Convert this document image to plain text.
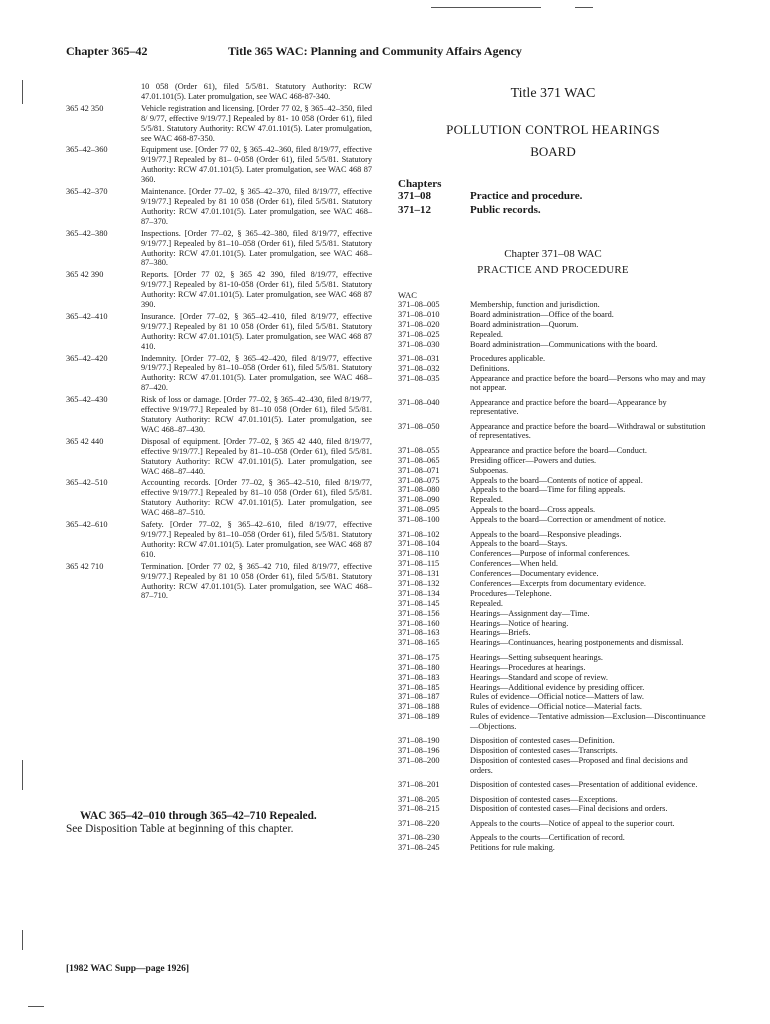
Chapter 365–42	Title 365 WAC: Planning and Community Affairs Agency
10 058 (Order 61), filed 5/5/81. Statutory Authority: RCW 47.01.101(5). Later promulgation, see WAC 468-87-340.
365 42 350	Vehicle registration and licensing. [Order 77 02, § 365–42–350, filed 8/ 9/77, effective 9/19/77.] Repealed by 81- 10 058 (Order 61), filed 5/5/81. Statutory Authority: RCW 47.01.101(5). Later promulgation, see WAC 468-87-350.
365–42–360	Equipment use. [Order 77 02, § 365–42–360, filed 8/19/77, effective 9/19/77.] Repealed by 81– 0-058 (Order 61), filed 5/5/81. Statutory Authority: RCW 47.01.101(5). Later promulgation, see WAC 468 87 360.
365–42–370	Maintenance. [Order 77–02, § 365–42–370, filed 8/19/77, effective 9/19/77.] Repealed by 81 10 058 (Order 61), filed 5/5/81. Statutory Authority: RCW 47.01.101(5). Later promulgation, see WAC 468–87–370.
365–42–380	Inspections. [Order 77–02, § 365–42–380, filed 8/19/77, effective 9/19/77.] Repealed by 81–10–058 (Order 61), filed 5/5/81. Statutory Authority: RCW 47.01.101(5). Later promulgation, see WAC 468–87–380.
365 42 390	Reports. [Order 77 02, § 365 42 390, filed 8/19/77, effective 9/19/77.] Repealed by 81-10-058 (Order 61), filed 5/5/81. Statutory Authority: RCW 47.01.101(5). Later promulgation, see WAC 468 87 390.
365–42–410	Insurance. [Order 77–02, § 365–42–410, filed 8/19/77, effective 9/19/77.] Repealed by 81 10 058 (Order 61), filed 5/5/81. Statutory Authority: RCW 47.01.101(5). Later promulgation, see WAC 468 87 410.
365–42–420	Indemnity. [Order 77–02, § 365–42–420, filed 8/19/77, effective 9/19/77.] Repealed by 81–10–058 (Order 61), filed 5/5/81. Statutory Authority: RCW 47.01.101(5). Later promulgation, see WAC 468–87–420.
365–42–430	Risk of loss or damage. [Order 77–02, § 365–42–430, filed 8/19/77, effective 9/19/77.] Repealed by 81–10 058 (Order 61), filed 5/5/81. Statutory Authority: RCW 47.01.101(5). Later promulgation, see WAC 468–87–430.
365 42 440	Disposal of equipment. [Order 77–02, § 365 42 440, filed 8/19/77, effective 9/19/77.] Repealed by 81–10–058 (Order 61), filed 5/5/81. Statutory Authority: RCW 47.01.101(5). Later promulgation, see WAC 468–87–440.
365–42–510	Accounting records. [Order 77–02, § 365–42–510, filed 8/19/77, effective 9/19/77.] Repealed by 81–10 058 (Order 61), filed 5/5/81. Statutory Authority: RCW 47.01.101(5). Later promulgation, see WAC 468–87–510.
365–42–610	Safety. [Order 77–02, § 365–42–610, filed 8/19/77, effective 9/19/77.] Repealed by 81–10–058 (Order 61), filed 5/5/81. Statutory Authority: RCW 47.01.101(5). Later promulgation, see WAC 468 87 610.
365 42 710	Termination. [Order 77 02, § 365–42 710, filed 8/19/77, effective 9/19/77.] Repealed by 81 10 058 (Order 61), filed 5/5/81. Statutory Authority: RCW 47.01.101(5). Later promulgation, see WAC 468–87–710.
WAC 365–42–010 through 365–42–710 Repealed.
See Disposition Table at beginning of this chapter.
[1982 WAC Supp—page 1926]
Title 371 WAC
POLLUTION CONTROL HEARINGS
BOARD
Chapters
371–08	Practice and procedure.
371–12	Public records.
Chapter 371–08 WAC
PRACTICE AND PROCEDURE
WAC
371–08–005	Membership, function and jurisdiction.
371–08–010	Board administration—Office of the board.
371–08–020	Board administration—Quorum.
371–08–025	Repealed.
371–08–030	Board administration—Communications with the board.
371–08–031	Procedures applicable.
371–08–032	Definitions.
371–08–035	Appearance and practice before the board—Persons who may and may not appear.
371–08–040	Appearance and practice before the board—Appearance by representative.
371–08–050	Appearance and practice before the board—Withdrawal or substitution of representatives.
371–08–055	Appearance and practice before the board—Conduct.
371–08–065	Presiding officer—Powers and duties.
371–08–071	Subpoenas.
371–08–075	Appeals to the board—Contents of notice of appeal.
371–08–080	Appeals to the board—Time for filing appeals.
371–08–090	Repealed.
371–08–095	Appeals to the board—Cross appeals.
371–08–100	Appeals to the board—Correction or amendment of notice.
371–08–102	Appeals to the board—Responsive pleadings.
371–08–104	Appeals to the board—Stays.
371–08–110	Conferences—Purpose of informal conferences.
371–08–115	Conferences—When held.
371–08–131	Conferences—Documentary evidence.
371–08–132	Conferences—Excerpts from documentary evidence.
371–08–134	Procedures—Telephone.
371–08–145	Repealed.
371–08–156	Hearings—Assignment day—Time.
371–08–160	Hearings—Notice of hearing.
371–08–163	Hearings—Briefs.
371–08–165	Hearings—Continuances, hearing postponements and dismissal.
371–08–175	Hearings—Setting subsequent hearings.
371–08–180	Hearings—Procedures at hearings.
371–08–183	Hearings—Standard and scope of review.
371–08–185	Hearings—Additional evidence by presiding officer.
371–08–187	Rules of evidence—Official notice—Matters of law.
371–08–188	Rules of evidence—Official notice—Material facts.
371–08–189	Rules of evidence—Tentative admission—Exclusion—Discontinuance—Objections.
371–08–190	Disposition of contested cases—Definition.
371–08–196	Disposition of contested cases—Transcripts.
371–08–200	Disposition of contested cases—Proposed and final decisions and orders.
371–08–201	Disposition of contested cases—Presentation of additional evidence.
371–08–205	Disposition of contested cases—Exceptions.
371–08–215	Disposition of contested cases—Final decisions and orders.
371–08–220	Appeals to the courts—Notice of appeal to the superior court.
371–08–230	Appeals to the courts—Certification of record.
371–08–245	Petitions for rule making.
